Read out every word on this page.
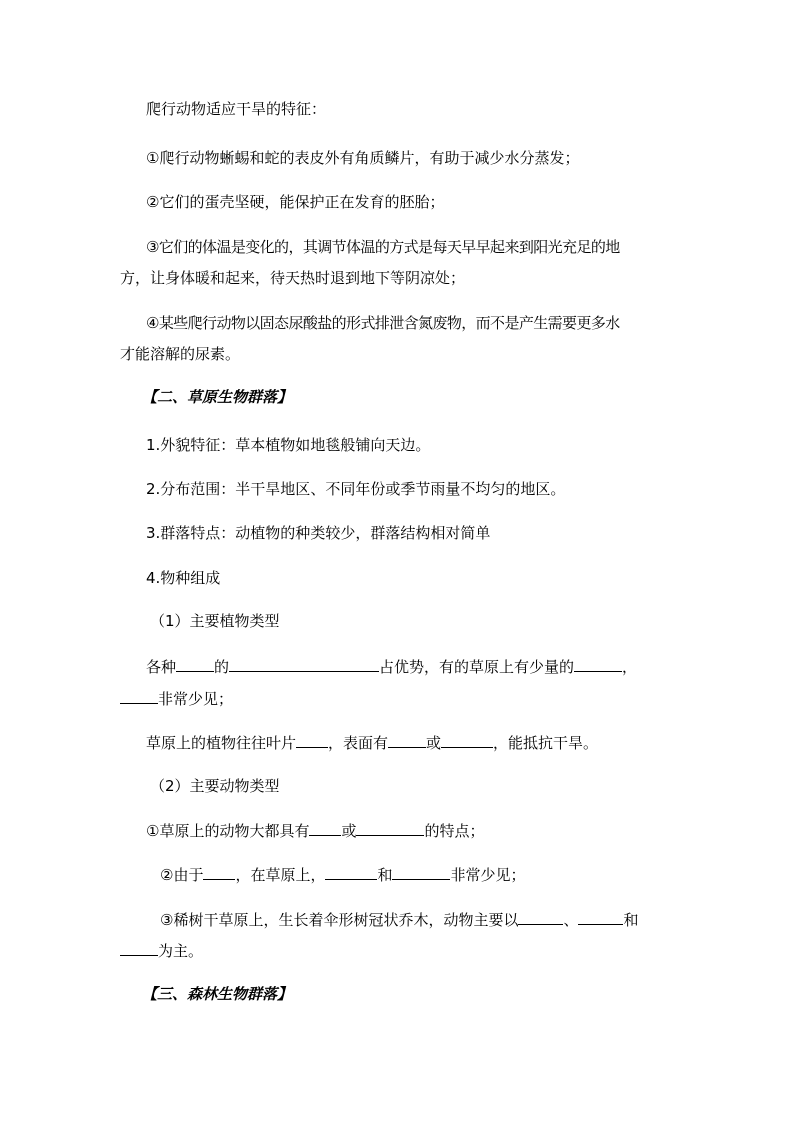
爬行动物适应干旱的特征：
①爬行动物蜥蜴和蛇的表皮外有角质鳞片，有助于减少水分蒸发；
②它们的蛋壳坚硬，能保护正在发育的胚胎；
③它们的体温是变化的，其调节体温的方式是每天早早起来到阳光充足的地
方，让身体暖和起来，待天热时退到地下等阴凉处；
④某些爬行动物以固态尿酸盐的形式排泄含氮废物，而不是产生需要更多水
才能溶解的尿素。
【二、草原生物群落】
1.外貌特征：草本植物如地毯般铺向天边。
2.分布范围：半干旱地区、不同年份或季节雨量不均匀的地区。
3.群落特点：动植物的种类较少，群落结构相对简单
4.物种组成
（1）主要植物类型
各种	的	占优势，有的草原上有少量的	，
非常少见；
草原上的植物往往叶片 ，表面有	或	，能抵抗干旱。
（2）主要动物类型
①草原上的动物大都具有 或	的特点；
②由于 ，在草原上，	和	非常少见；
③稀树干草原上，生长着伞形树冠状乔木，动物主要以	、	和
为主。
【三、森林生物群落】
